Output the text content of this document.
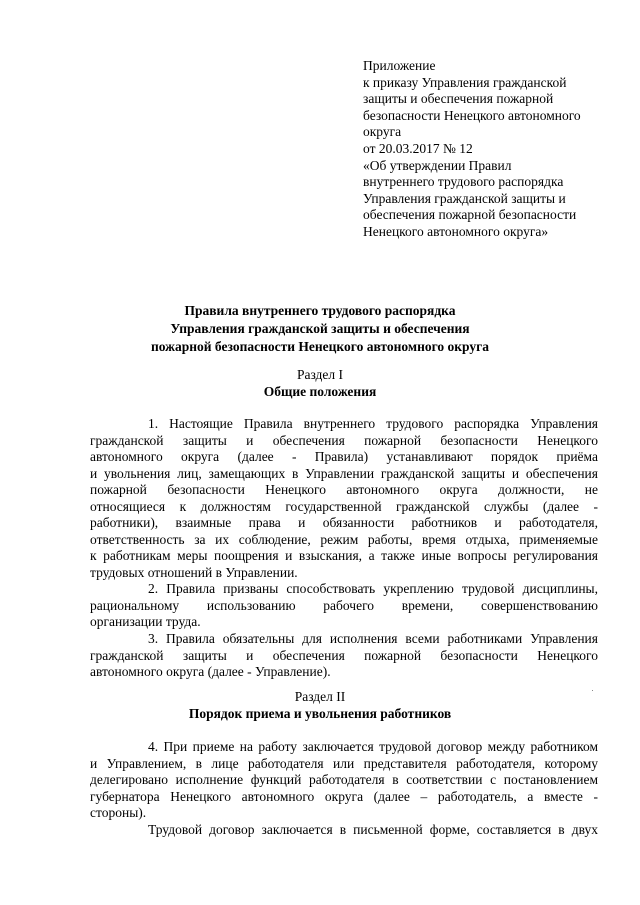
Приложение
к приказу Управления гражданской
защиты и обеспечения пожарной
безопасности Ненецкого автономного
округа
от 20.03.2017 № 12
«Об утверждении Правил
внутреннего трудового распорядка
Управления гражданской защиты и
обеспечения пожарной безопасности
Ненецкого автономного округа»
Правила внутреннего трудового распорядка
Управления гражданской защиты и обеспечения
пожарной безопасности Ненецкого автономного округа
Раздел I
Общие положения
1. Настоящие Правила внутреннего трудового распорядка Управления
гражданской защиты и обеспечения пожарной безопасности Ненецкого
автономного округа (далее - Правила) устанавливают порядок приёма
и увольнения лиц, замещающих в Управлении гражданской защиты и обеспечения
пожарной безопасности Ненецкого автономного округа должности, не
относящиеся к должностям государственной гражданской службы (далее -
работники), взаимные права и обязанности работников и работодателя,
ответственность за их соблюдение, режим работы, время отдыха, применяемые
к работникам меры поощрения и взыскания, а также иные вопросы регулирования
трудовых отношений в Управлении.
2. Правила призваны способствовать укреплению трудовой дисциплины,
рациональному использованию рабочего времени, совершенствованию
организации труда.
3. Правила обязательны для исполнения всеми работниками Управления
гражданской защиты и обеспечения пожарной безопасности Ненецкого
автономного округа (далее - Управление).
Раздел II
Порядок приема и увольнения работников
4. При приеме на работу заключается трудовой договор между работником
и Управлением, в лице работодателя или представителя работодателя, которому
делегировано исполнение функций работодателя в соответствии с постановлением
губернатора Ненецкого автономного округа (далее – работодатель, а вместе -
стороны).
Трудовой договор заключается в письменной форме, составляется в двух
